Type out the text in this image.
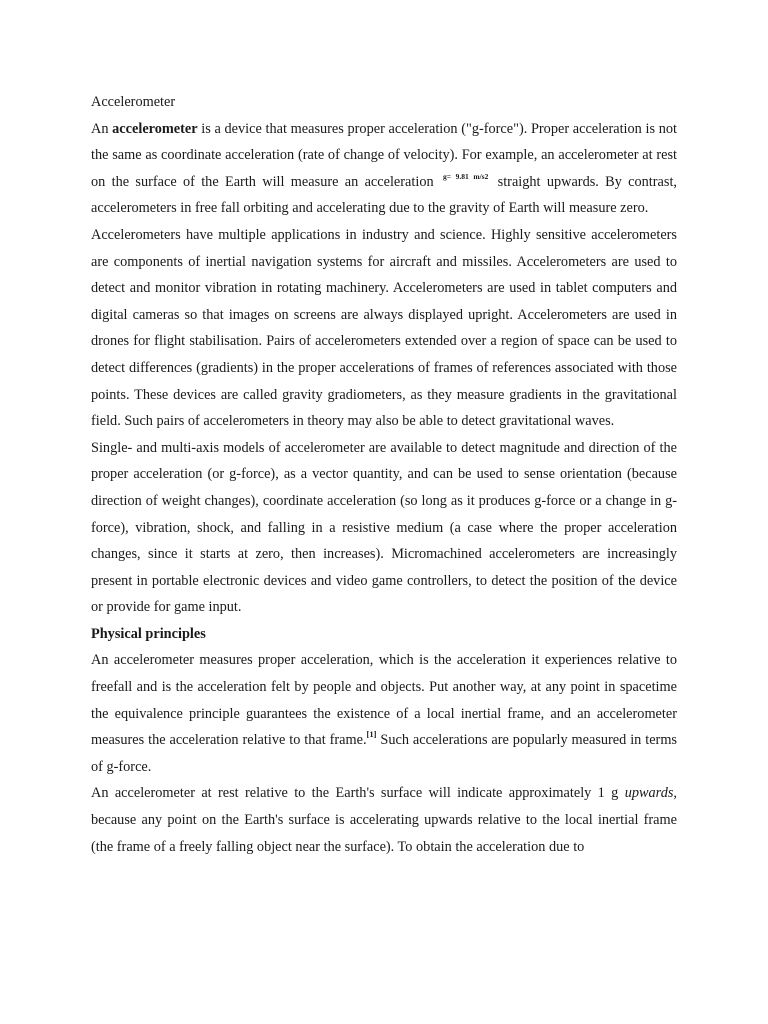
Accelerometer

An accelerometer is a device that measures proper acceleration ("g-force"). Proper acceleration is not the same as coordinate acceleration (rate of change of velocity). For example, an accelerometer at rest on the surface of the Earth will measure an acceleration $^{g= 9.81 m/s2}$ straight upwards. By contrast, accelerometers in free fall orbiting and accelerating due to the gravity of Earth will measure zero.

Accelerometers have multiple applications in industry and science. Highly sensitive accelerometers are components of inertial navigation systems for aircraft and missiles. Accelerometers are used to detect and monitor vibration in rotating machinery. Accelerometers are used in tablet computers and digital cameras so that images on screens are always displayed upright. Accelerometers are used in drones for flight stabilisation. Pairs of accelerometers extended over a region of space can be used to detect differences (gradients) in the proper accelerations of frames of references associated with those points. These devices are called gravity gradiometers, as they measure gradients in the gravitational field. Such pairs of accelerometers in theory may also be able to detect gravitational waves.

Single- and multi-axis models of accelerometer are available to detect magnitude and direction of the proper acceleration (or g-force), as a vector quantity, and can be used to sense orientation (because direction of weight changes), coordinate acceleration (so long as it produces g-force or a change in g-force), vibration, shock, and falling in a resistive medium (a case where the proper acceleration changes, since it starts at zero, then increases). Micromachined accelerometers are increasingly present in portable electronic devices and video game controllers, to detect the position of the device or provide for game input.

Physical principles

An accelerometer measures proper acceleration, which is the acceleration it experiences relative to freefall and is the acceleration felt by people and objects. Put another way, at any point in spacetime the equivalence principle guarantees the existence of a local inertial frame, and an accelerometer measures the acceleration relative to that frame.[1] Such accelerations are popularly measured in terms of g-force.

An accelerometer at rest relative to the Earth's surface will indicate approximately 1 g upwards, because any point on the Earth's surface is accelerating upwards relative to the local inertial frame (the frame of a freely falling object near the surface). To obtain the acceleration due to
